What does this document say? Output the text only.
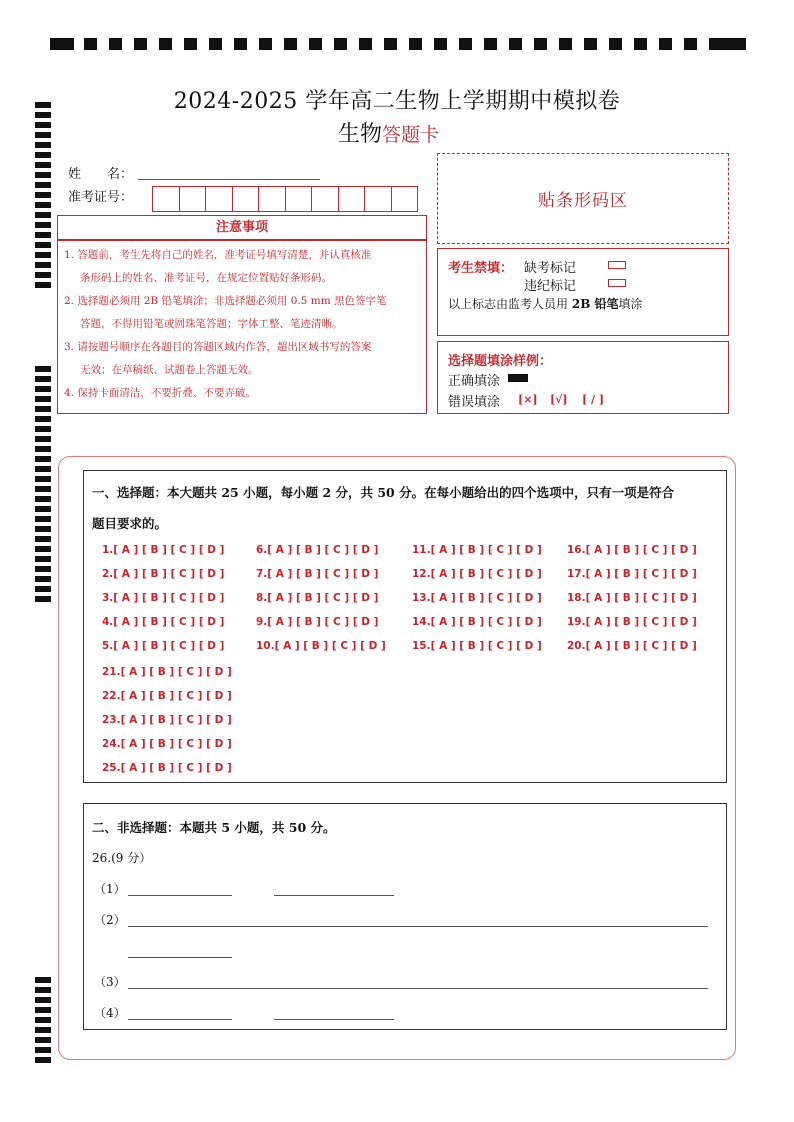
2024-2025 学年高二生物上学期期中模拟卷
生物答题卡
姓　　名：
准考证号：	贴条形码区
注意事项
1. 答题前，考生先将自己的姓名，准考证号填写清楚，并认真核准
条形码上的姓名、准考证号，在规定位置贴好条形码。
2. 选择题必须用 2B 铅笔填涂；非选择题必须用 0.5 mm 黑色签字笔
答题，不得用铅笔或圆珠笔答题；字体工整、笔迹清晰。
3. 请按题号顺序在各题目的答题区域内作答，超出区域书写的答案
无效；在草稿纸、试题卷上答题无效。
4. 保持卡面清洁，不要折叠、不要弄破。
考生禁填： 缺考标记
违纪标记
以上标志由监考人员用 2B 铅笔填涂
选择题填涂样例：
正确填涂
错误填涂 [×] [√] [ / ]
一、选择题：本大题共 25 小题，每小题 2 分，共 50 分。在每小题给出的四个选项中，只有一项是符合
题目要求的。
1.[ A ] [ B ] [ C ] [ D ]
2.[ A ] [ B ] [ C ] [ D ]
3.[ A ] [ B ] [ C ] [ D ]
4.[ A ] [ B ] [ C ] [ D ]
5.[ A ] [ B ] [ C ] [ D ]
6.[ A ] [ B ] [ C ] [ D ]
7.[ A ] [ B ] [ C ] [ D ]
8.[ A ] [ B ] [ C ] [ D ]
9.[ A ] [ B ] [ C ] [ D ]
10.[ A ] [ B ] [ C ] [ D ]
11.[ A ] [ B ] [ C ] [ D ]
12.[ A ] [ B ] [ C ] [ D ]
13.[ A ] [ B ] [ C ] [ D ]
14.[ A ] [ B ] [ C ] [ D ]
15.[ A ] [ B ] [ C ] [ D ]
16.[ A ] [ B ] [ C ] [ D ]
17.[ A ] [ B ] [ C ] [ D ]
18.[ A ] [ B ] [ C ] [ D ]
19.[ A ] [ B ] [ C ] [ D ]
20.[ A ] [ B ] [ C ] [ D ]
21.[ A ] [ B ] [ C ] [ D ]
22.[ A ] [ B ] [ C ] [ D ]
23.[ A ] [ B ] [ C ] [ D ]
24.[ A ] [ B ] [ C ] [ D ]
25.[ A ] [ B ] [ C ] [ D ]
二、非选择题：本题共 5 小题，共 50 分。
26.(9 分）
（1）
（2）
（3）
（4）
